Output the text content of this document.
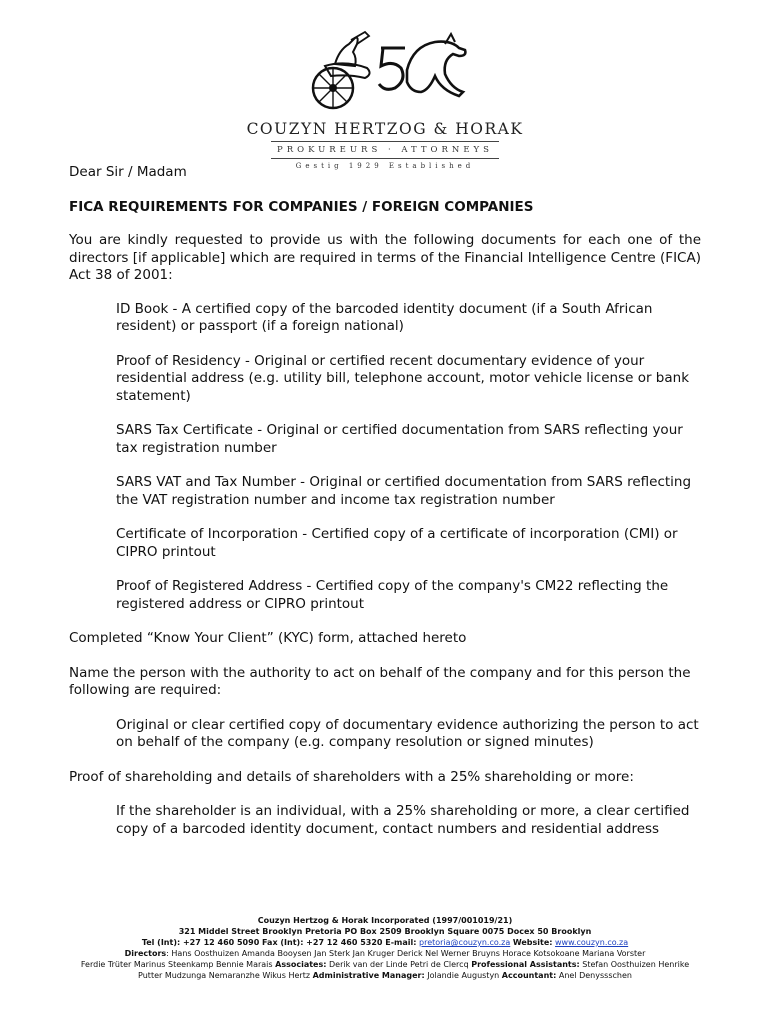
COUZYN HERTZOG & HORAK
PROKUREURS · ATTORNEYS
Gestig 1929 Established

Dear Sir / Madam

FICA REQUIREMENTS FOR COMPANIES / FOREIGN COMPANIES

You are kindly requested to provide us with the following documents for each one of the directors [if applicable] which are required in terms of the Financial Intelligence Centre (FICA) Act 38 of 2001:

ID Book - A certified copy of the barcoded identity document (if a South African resident) or passport (if a foreign national)

Proof of Residency - Original or certified recent documentary evidence of your residential address (e.g. utility bill, telephone account, motor vehicle license or bank statement)

SARS Tax Certificate - Original or certified documentation from SARS reflecting your tax registration number

SARS VAT and Tax Number - Original or certified documentation from SARS reflecting the VAT registration number and income tax registration number

Certificate of Incorporation - Certified copy of a certificate of incorporation (CMI) or CIPRO printout

Proof of Registered Address - Certified copy of the company's CM22 reflecting the registered address or CIPRO printout

Completed “Know Your Client” (KYC) form, attached hereto

Name the person with the authority to act on behalf of the company and for this person the following are required:

Original or clear certified copy of documentary evidence authorizing the person to act on behalf of the company (e.g. company resolution or signed minutes)

Proof of shareholding and details of shareholders with a 25% shareholding or more:

If the shareholder is an individual, with a 25% shareholding or more, a clear certified copy of a barcoded identity document, contact numbers and residential address

Couzyn Hertzog & Horak Incorporated (1997/001019/21)
321 Middel Street Brooklyn Pretoria PO Box 2509 Brooklyn Square 0075 Docex 50 Brooklyn
Tel (Int): +27 12 460 5090 Fax (Int): +27 12 460 5320 E-mail: pretoria@couzyn.co.za Website: www.couzyn.co.za
Directors: Hans Oosthuizen Amanda Booysen Jan Sterk Jan Kruger Derick Nel Werner Bruyns Horace Kotsokoane Mariana Vorster
Ferdie Trüter Marinus Steenkamp Bennie Marais Associates: Derik van der Linde Petri de Clercq Professional Assistants: Stefan Oosthuizen Henrike
Putter Mudzunga Nemaranzhe Wikus Hertz Administrative Manager: Jolandie Augustyn Accountant: Anel Denyssschen
